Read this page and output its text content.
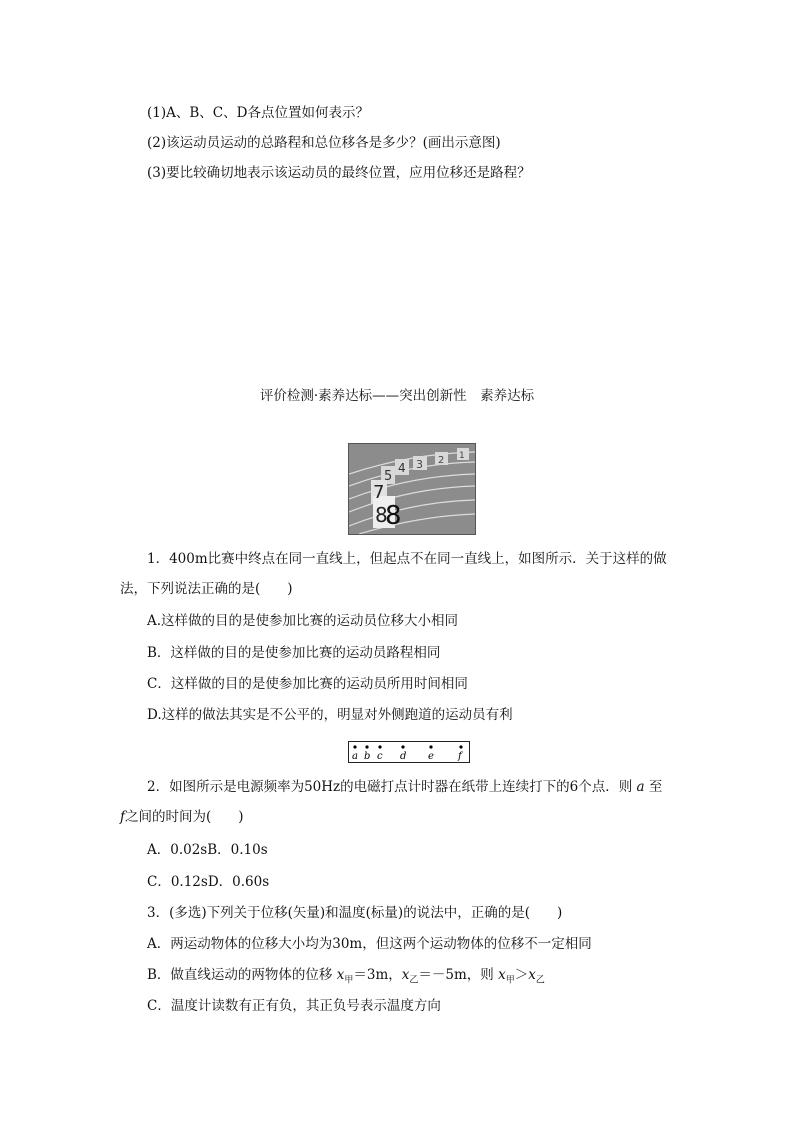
(1)A、B、C、D各点位置如何表示？
(2)该运动员运动的总路程和总位移各是多少？(画出示意图)
(3)要比较确切地表示该运动员的最终位置，应用位移还是路程？
评价检测·素养达标——突出创新性　素养达标
1
2
3
4
5
7
8
8
1．400m比赛中终点在同一直线上，但起点不在同一直线上，如图所示．关于这样的做
法，下列说法正确的是(　　)
A.这样做的目的是使参加比赛的运动员位移大小相同
B．这样做的目的是使参加比赛的运动员路程相同
C．这样做的目的是使参加比赛的运动员所用时间相同
D.这样的做法其实是不公平的，明显对外侧跑道的运动员有利
a b c d e f
2．如图所示是电源频率为50Hz的电磁打点计时器在纸带上连续打下的6个点．则 a 至
f之间的时间为(　　)
A．0.02sB．0.10s
C．0.12sD．0.60s
3．(多选)下列关于位移(矢量)和温度(标量)的说法中，正确的是(　　)
A．两运动物体的位移大小均为30m，但这两个运动物体的位移不一定相同
B．做直线运动的两物体的位移 $x_甲=3m$，$x_乙=-5m$，则 $x_甲>x_乙$
C．温度计读数有正有负，其正负号表示温度方向
